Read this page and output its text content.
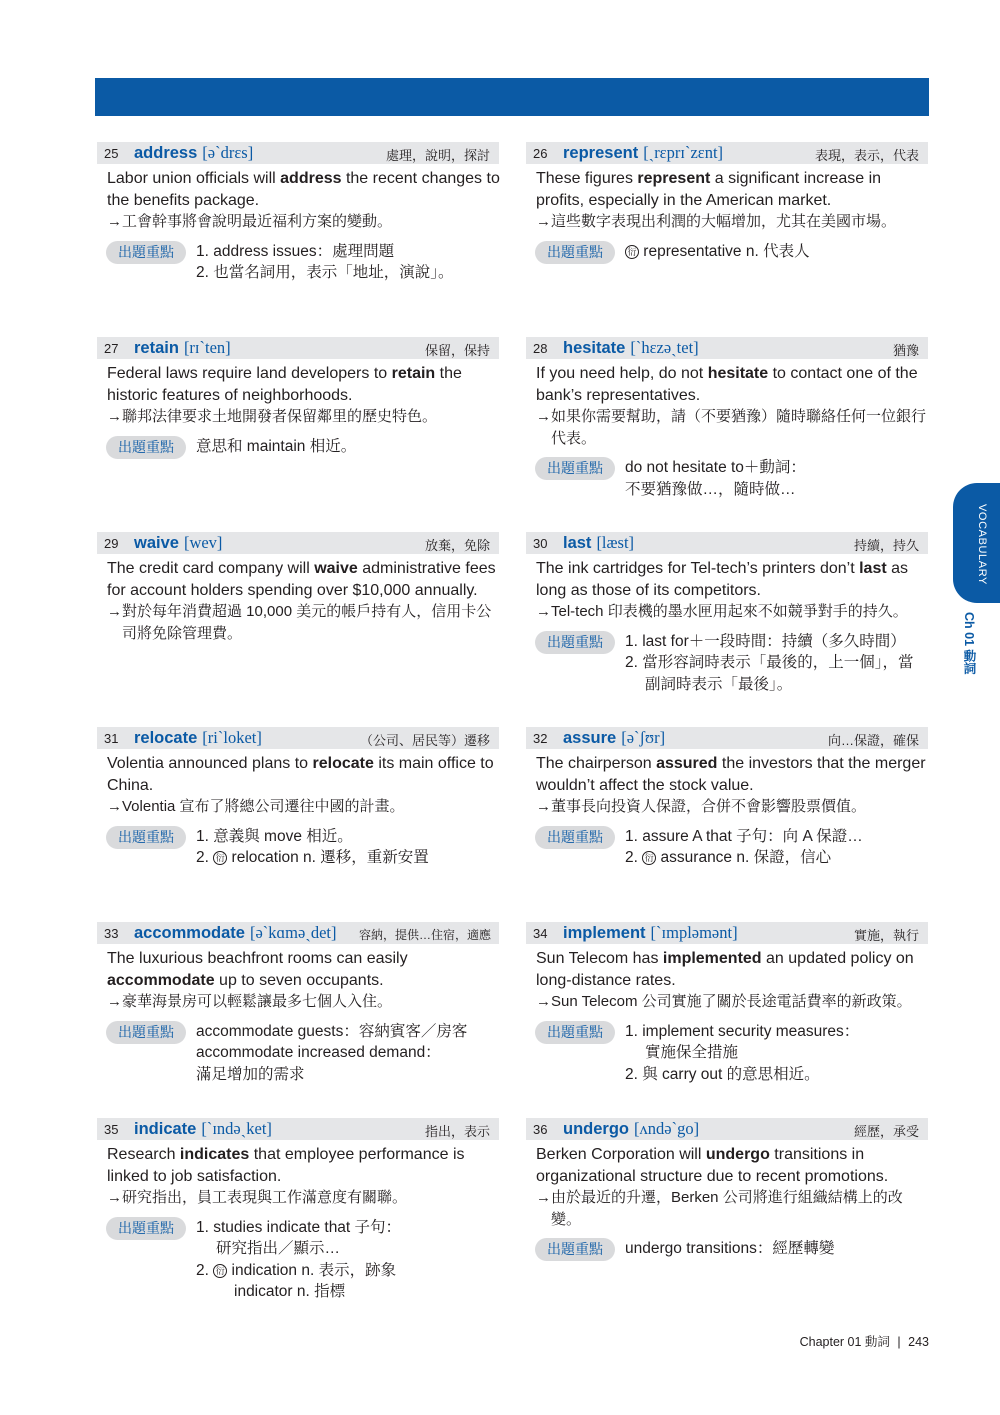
VOCABULARY
Ch 01 動詞
25 address [əˋdrɛs]	處理，說明，探討

Labor union officials will address the recent changes to the benefits package.

→ 工會幹事將會說明最近福利方案的變動。
出題重點	1. address issues：處理問題
2. 也當名詞用，表示「地址，演說」。
26 represent [ˏrɛprɪˋzɛnt]	表現，表示，代表

These figures represent a significant increase in profits, especially in the American market.

→ 這些數字表現出利潤的大幅增加，尤其在美國市場。
出題重點	衍 representative n. 代表人
27 retain [rɪˋten]	保留，保持

Federal laws require land developers to retain the historic features of neighborhoods.

→ 聯邦法律要求土地開發者保留鄰里的歷史特色。
出題重點	意思和 maintain 相近。
28 hesitate [ˋhɛzəˏtet]	猶豫

If you need help, do not hesitate to contact one of the bank’s representatives.

→ 如果你需要幫助，請（不要猶豫）隨時聯絡任何一位銀行代表。
出題重點	do not hesitate to＋動詞：
不要猶豫做…，隨時做…
29 waive [wev]	放棄，免除

The credit card company will waive administrative fees for account holders spending over $10,000 annually.

→ 對於每年消費超過 10,000 美元的帳戶持有人，信用卡公司將免除管理費。
30 last [læst]	持續，持久

The ink cartridges for Tel-tech’s printers don’t last as long as those of its competitors.

→ Tel-tech 印表機的墨水匣用起來不如競爭對手的持久。
出題重點	1. last for＋一段時間：持續（多久時間）
2. 當形容詞時表示「最後的，上一個」，當
副詞時表示「最後」。
31 relocate [riˋloket]	（公司、居民等）遷移

Volentia announced plans to relocate its main office to China.

→ Volentia 宣布了將總公司遷往中國的計畫。
出題重點	1. 意義與 move 相近。
2. 衍 relocation n. 遷移，重新安置
32 assure [əˋʃʊr]	向…保證，確保

The chairperson assured the investors that the merger wouldn’t affect the stock value.

→ 董事長向投資人保證，合併不會影響股票價值。
出題重點	1. assure A that 子句：向 A 保證…
2. 衍 assurance n. 保證，信心
33 accommodate [əˋkɑməˏdet] 容納，提供…住宿，適應

The luxurious beachfront rooms can easily accommodate up to seven occupants.

→ 豪華海景房可以輕鬆讓最多七個人入住。
出題重點	accommodate guests：容納賓客／房客
accommodate increased demand：
滿足增加的需求
34 implement [ˋɪmpləmənt]	實施，執行

Sun Telecom has implemented an updated policy on long-distance rates.

→ Sun Telecom 公司實施了關於長途電話費率的新政策。
出題重點	1. implement security measures：
實施保全措施
2. 與 carry out 的意思相近。
35 indicate [ˋɪndəˏket]	指出，表示

Research indicates that employee performance is linked to job satisfaction.

→ 研究指出，員工表現與工作滿意度有關聯。
出題重點	1. studies indicate that 子句：
研究指出／顯示…
2. 衍 indication n. 表示，跡象
indicator n. 指標
36 undergo [ʌndəˋgo]	經歷，承受

Berken Corporation will undergo transitions in organizational structure due to recent promotions.

→ 由於最近的升遷，Berken 公司將進行組織結構上的改變。
出題重點	undergo transitions：經歷轉變
Chapter 01 動詞 | 243
